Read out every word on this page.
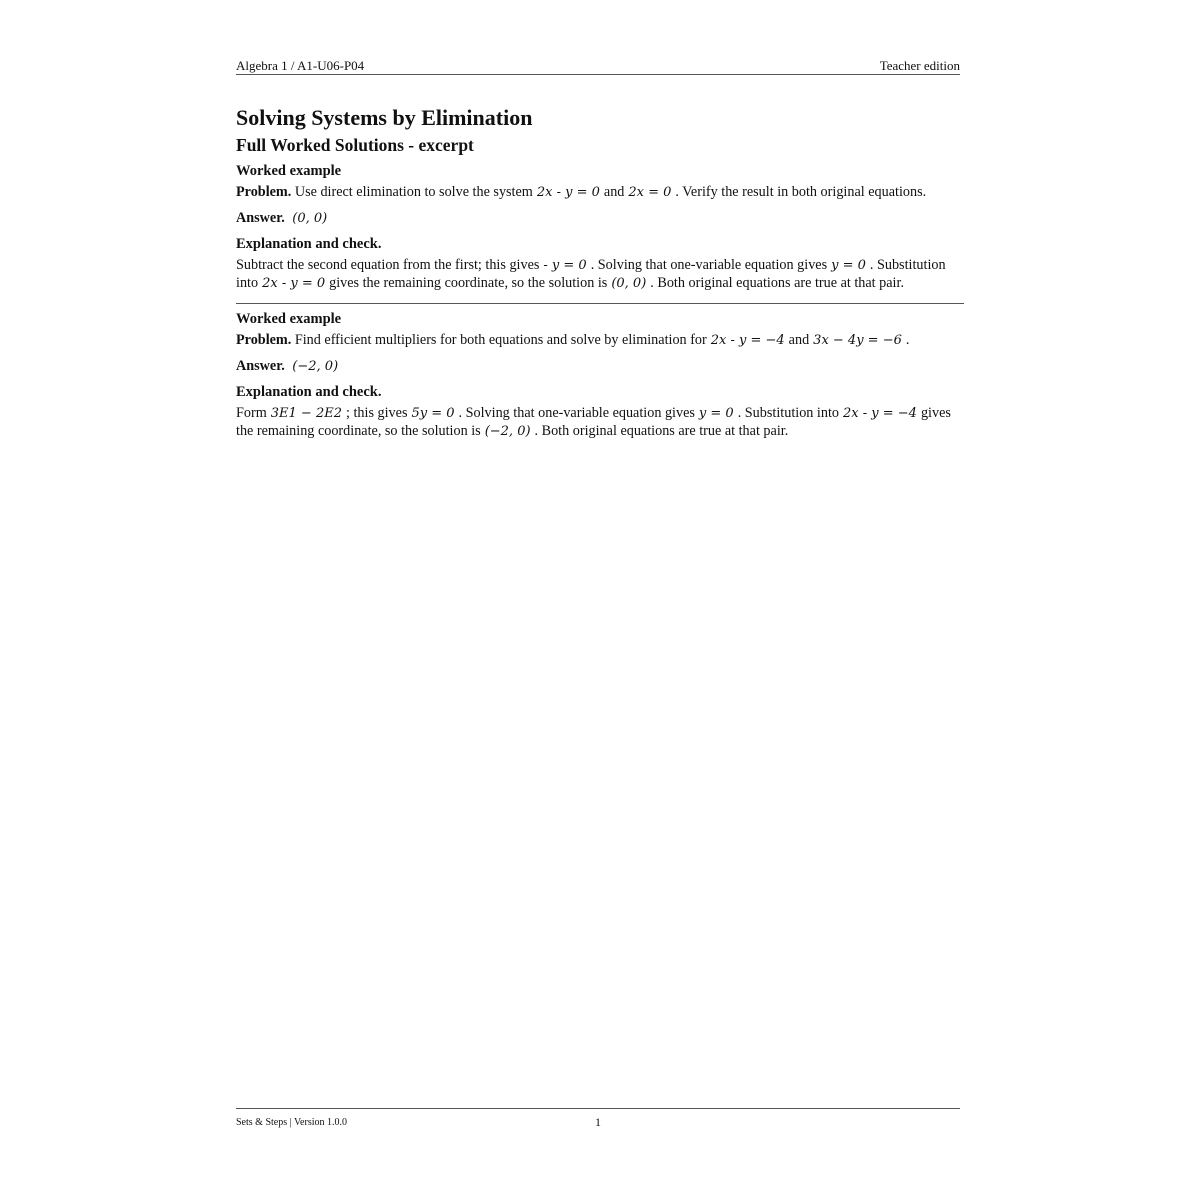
Algebra 1 / A1-U06-P04	Teacher edition
Solving Systems by Elimination
Full Worked Solutions - excerpt
Worked example
Problem. Use direct elimination to solve the system 2x - y = 0 and 2x = 0 . Verify the result in both original equations.
Answer. (0, 0)
Explanation and check.
Subtract the second equation from the first; this gives - y = 0 . Solving that one-variable equation gives y = 0 . Substitution into 2x - y = 0 gives the remaining coordinate, so the solution is (0, 0) . Both original equations are true at that pair.
Worked example
Problem. Find efficient multipliers for both equations and solve by elimination for 2x - y = −4 and 3x − 4y = −6 .
Answer. (−2, 0)
Explanation and check.
Form 3E1 − 2E2 ; this gives 5y = 0 . Solving that one-variable equation gives y = 0 . Substitution into 2x - y = −4 gives the remaining coordinate, so the solution is (−2, 0) . Both original equations are true at that pair.
Sets & Steps | Version 1.0.0	1
